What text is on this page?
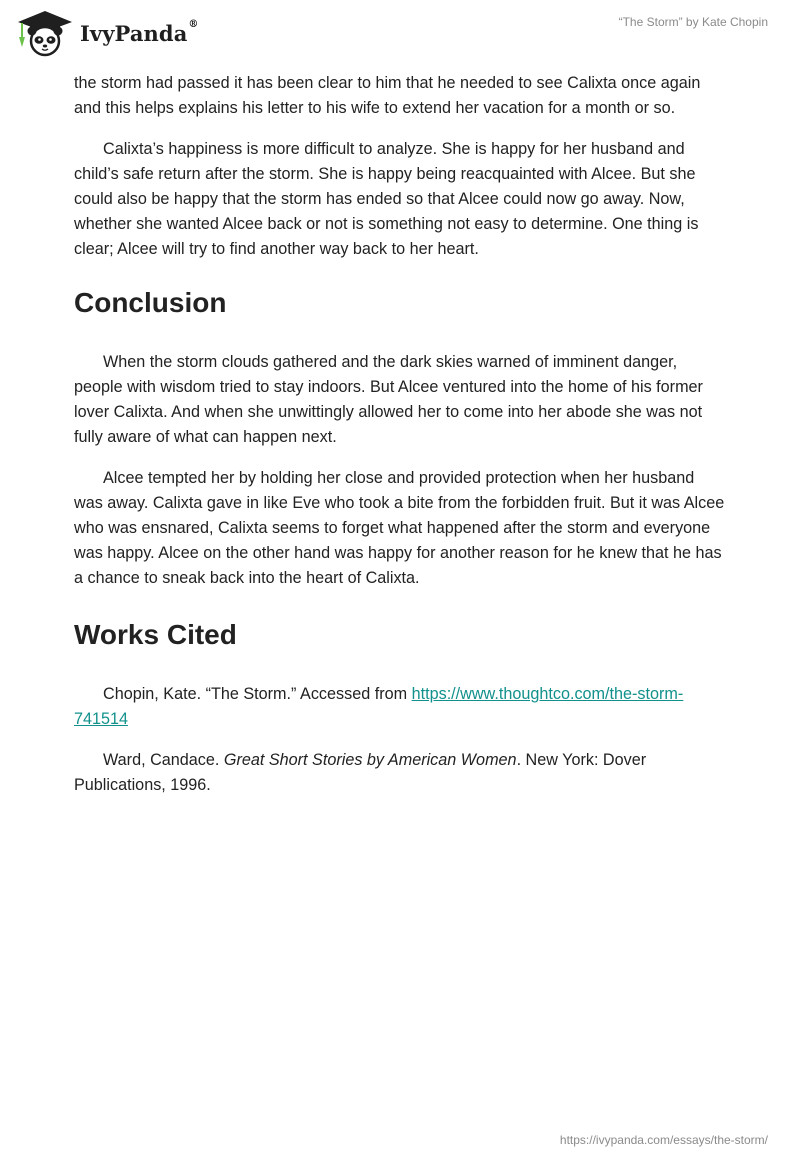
IvyPanda®	“The Storm” by Kate Chopin

the storm had passed it has been clear to him that he needed to see Calixta once again and this helps explains his letter to his wife to extend her vacation for a month or so.

Calixta’s happiness is more difficult to analyze. She is happy for her husband and child’s safe return after the storm. She is happy being reacquainted with Alcee. But she could also be happy that the storm has ended so that Alcee could now go away. Now, whether she wanted Alcee back or not is something not easy to determine. One thing is clear; Alcee will try to find another way back to her heart.

Conclusion

When the storm clouds gathered and the dark skies warned of imminent danger, people with wisdom tried to stay indoors. But Alcee ventured into the home of his former lover Calixta. And when she unwittingly allowed her to come into her abode she was not fully aware of what can happen next.

Alcee tempted her by holding her close and provided protection when her husband was away. Calixta gave in like Eve who took a bite from the forbidden fruit. But it was Alcee who was ensnared, Calixta seems to forget what happened after the storm and everyone was happy. Alcee on the other hand was happy for another reason for he knew that he has a chance to sneak back into the heart of Calixta.

Works Cited

Chopin, Kate. “The Storm.” Accessed from https://www.thoughtco.com/the-storm-741514

Ward, Candace. Great Short Stories by American Women. New York: Dover Publications, 1996.

https://ivypanda.com/essays/the-storm/
